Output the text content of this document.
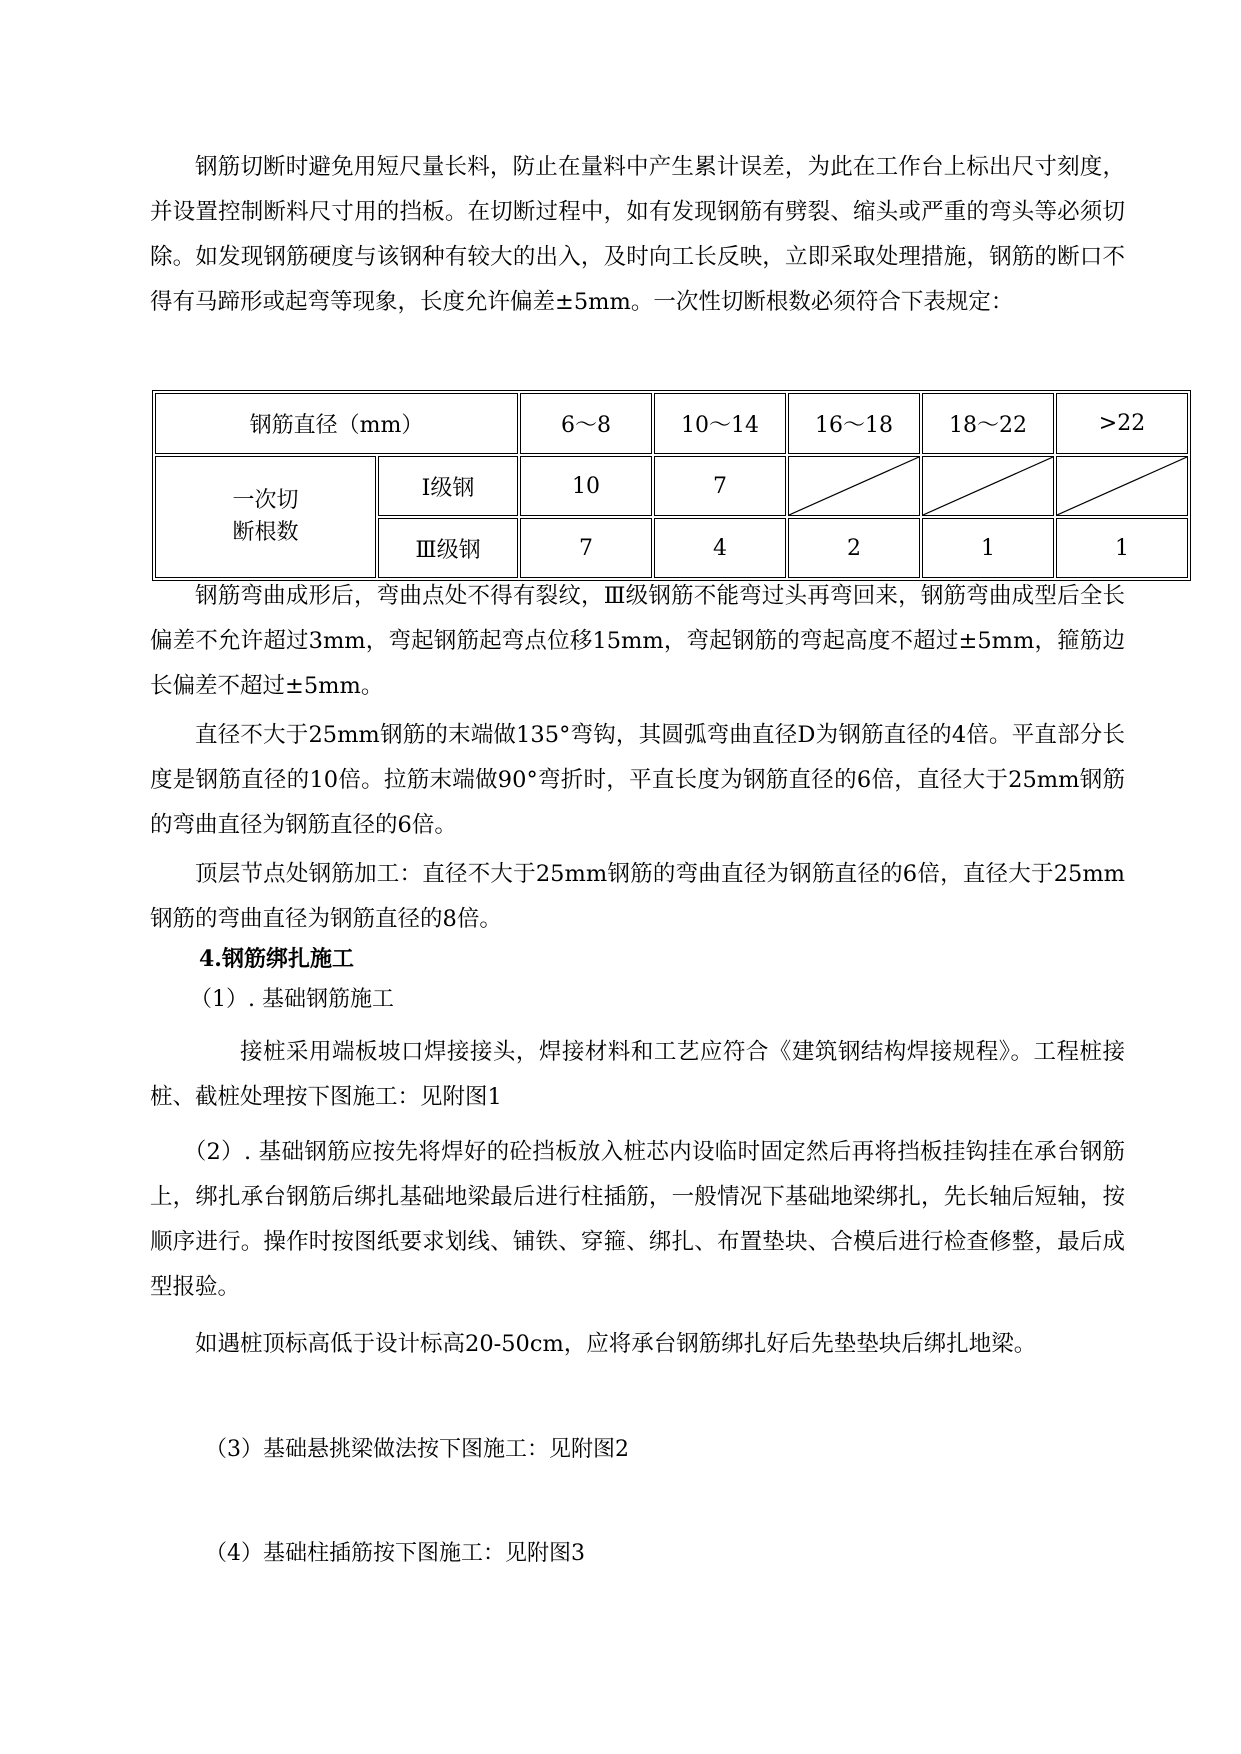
钢筋切断时避免用短尺量长料，防止在量料中产生累计误差，为此在工作台上标出尺寸刻度，并设置控制断料尺寸用的挡板。在切断过程中，如有发现钢筋有劈裂、缩头或严重的弯头等必须切除。如发现钢筋硬度与该钢种有较大的出入，及时向工长反映，立即采取处理措施，钢筋的断口不得有马蹄形或起弯等现象，长度允许偏差±5mm。一次性切断根数必须符合下表规定：

钢筋直径（mm）		6～8	10～14	16～18	18～22	>22

一次切
断根数	Ⅰ级钢	10	7	

	Ⅲ级钢	7	4	2	1	1

钢筋弯曲成形后，弯曲点处不得有裂纹，Ⅲ级钢筋不能弯过头再弯回来，钢筋弯曲成型后全长偏差不允许超过3mm，弯起钢筋起弯点位移15mm，弯起钢筋的弯起高度不超过±5mm，箍筋边长偏差不超过±5mm。

直径不大于25mm钢筋的末端做135°弯钩，其圆弧弯曲直径D为钢筋直径的4倍。平直部分长度是钢筋直径的10倍。拉筋末端做90°弯折时，平直长度为钢筋直径的6倍，直径大于25mm钢筋的弯曲直径为钢筋直径的6倍。

顶层节点处钢筋加工：直径不大于25mm钢筋的弯曲直径为钢筋直径的6倍，直径大于25mm钢筋的弯曲直径为钢筋直径的8倍。

4.钢筋绑扎施工

（1）. 基础钢筋施工

接桩采用端板坡口焊接接头，焊接材料和工艺应符合《建筑钢结构焊接规程》。工程桩接桩、截桩处理按下图施工：见附图1

（2）. 基础钢筋应按先将焊好的砼挡板放入桩芯内设临时固定然后再将挡板挂钩挂在承台钢筋上，绑扎承台钢筋后绑扎基础地梁最后进行柱插筋，一般情况下基础地梁绑扎，先长轴后短轴，按顺序进行。操作时按图纸要求划线、铺铁、穿箍、绑扎、布置垫块、合模后进行检查修整，最后成型报验。

如遇桩顶标高低于设计标高20-50cm，应将承台钢筋绑扎好后先垫垫块后绑扎地梁。

（3）基础悬挑梁做法按下图施工：见附图2

（4）基础柱插筋按下图施工：见附图3
